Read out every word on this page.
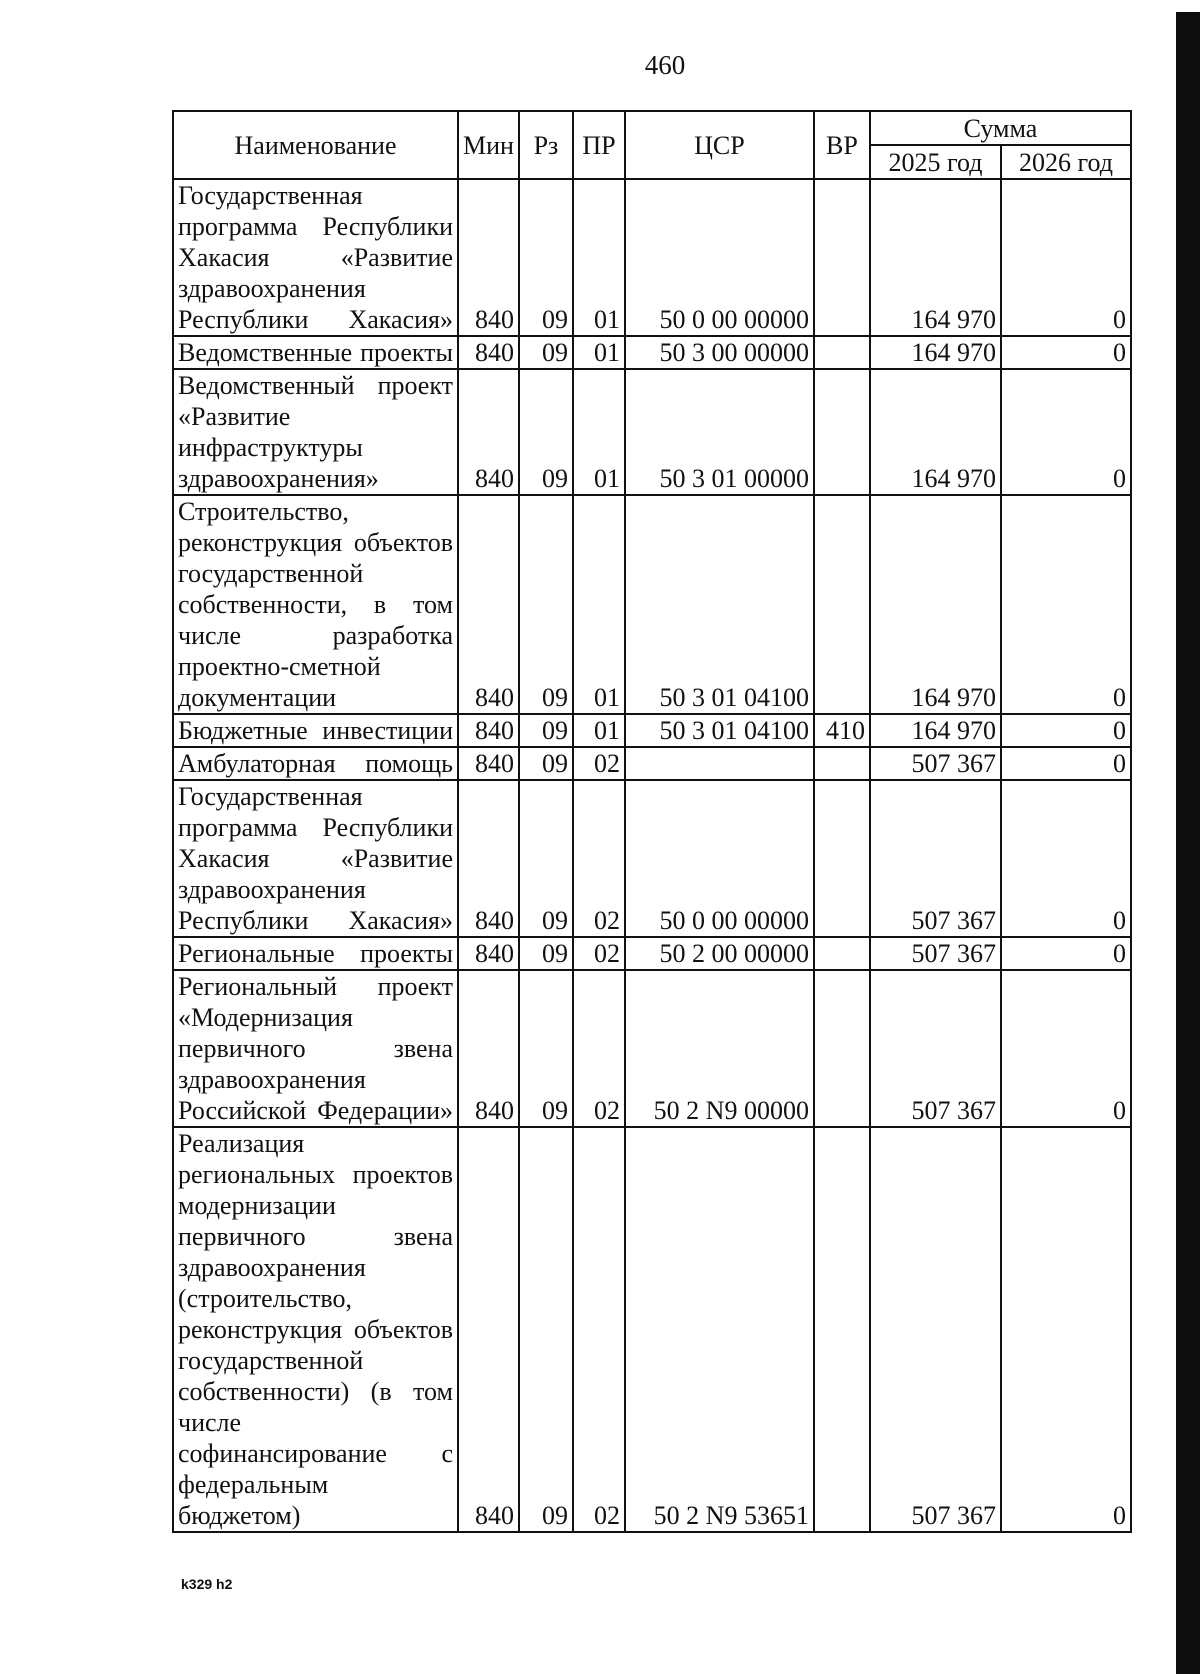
460
Наименование	Мин	Рз	ПР	ЦСР	ВР	Сумма	
						2025 год	2026 год
Государственная программа Республики Хакасия «Развитие здравоохранения Республики Хакасия»	840	09	01	50 0 00 00000		164 970	0
Ведомственные проекты	840	09	01	50 3 00 00000		164 970	0
Ведомственный проект «Развитие инфраструктуры здравоохранения»	840	09	01	50 3 01 00000		164 970	0
Строительство, реконструкция объектов государственной собственности, в том числе разработка проектно-сметной документации	840	09	01	50 3 01 04100		164 970	0
Бюджетные инвестиции	840	09	01	50 3 01 04100	410	164 970	0
Амбулаторная помощь	840	09	02			507 367	0
Государственная программа Республики Хакасия «Развитие здравоохранения Республики Хакасия»	840	09	02	50 0 00 00000		507 367	0
Региональные проекты	840	09	02	50 2 00 00000		507 367	0
Региональный проект «Модернизация первичного звена здравоохранения Российской Федерации»	840	09	02	50 2 N9 00000		507 367	0
Реализация региональных проектов модернизации первичного звена здравоохранения (строительство, реконструкция объектов государственной собственности) (в том числе софинансирование с федеральным бюджетом)	840	09	02	50 2 N9 53651		507 367	0
k329 h2
